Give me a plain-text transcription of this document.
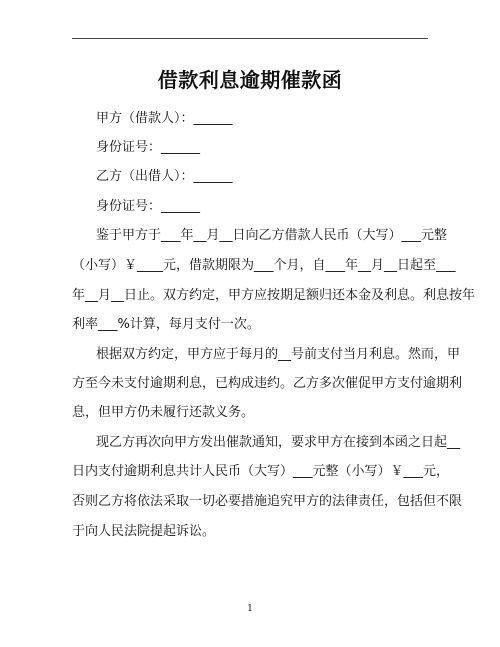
借款利息逾期催款函
甲方（借款人）：______
身份证号：______
乙方（出借人）：______
身份证号：______
鉴于甲方于___年__月__日向乙方借款人民币（大写）___元整
（小写）￥____元，借款期限为___个月，自___年__月__日起至___
年__月__日止。双方约定，甲方应按期足额归还本金及利息。利息按年
利率___%计算，每月支付一次。
根据双方约定，甲方应于每月的__号前支付当月利息。然而，甲
方至今未支付逾期利息，已构成违约。乙方多次催促甲方支付逾期利
息，但甲方仍未履行还款义务。
现乙方再次向甲方发出催款通知，要求甲方在接到本函之日起__
日内支付逾期利息共计人民币（大写）___元整（小写）￥___元，
否则乙方将依法采取一切必要措施追究甲方的法律责任，包括但不限
于向人民法院提起诉讼。
1
